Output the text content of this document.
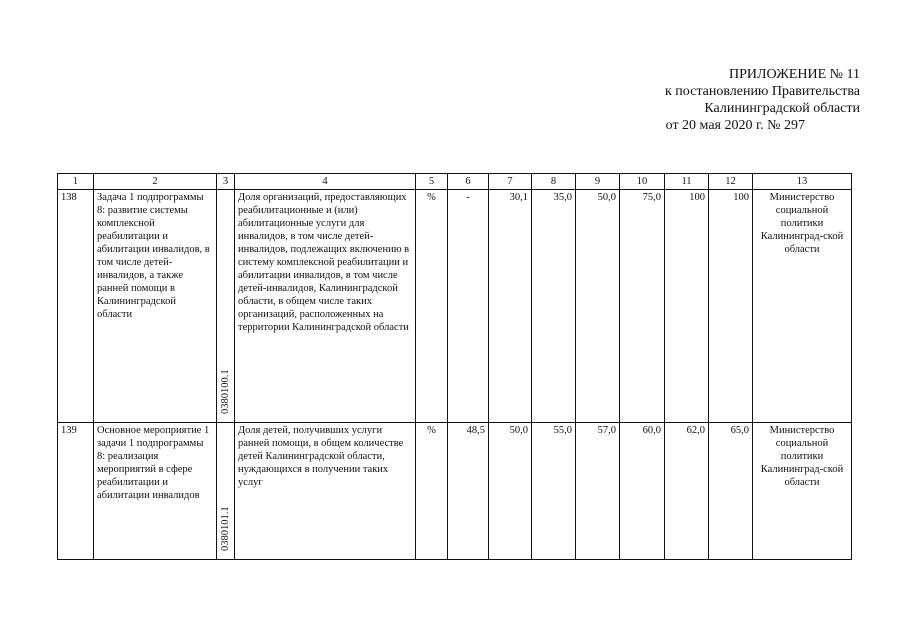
ПРИЛОЖЕНИЕ № 11
к постановлению Правительства
Калининградской области
от 20 мая 2020 г. № 297
1	2	3	4	5	6	7	8	9	10	11	12	13
138	Задача 1 подпрограммы 8: развитие системы комплексной реабилитации и абилитации инвалидов, в том числе детей-инвалидов, а также ранней помощи в Калининградской области	0380100.1	Доля организаций, предоставляющих реабилитационные и (или) абилитационные услуги для инвалидов, в том числе детей-инвалидов, подлежащих включению в систему комплексной реабилитации и абилитации инвалидов, в том числе детей-инвалидов, Калининградской области, в общем числе таких организаций, расположенных на территории Калининградской области	%	-	30,1	35,0	50,0	75,0	100	100	Министерство социальной политики Калининград-ской области
139	Основное мероприятие 1 задачи 1 подпрограммы 8: реализация мероприятий в сфере реабилитации и абилитации инвалидов	0380101.1	Доля детей, получивших услуги ранней помощи, в общем количестве детей Калининградской области, нуждающихся в получении таких услуг	%	48,5	50,0	55,0	57,0	60,0	62,0	65,0	Министерство социальной политики Калининград-ской области
